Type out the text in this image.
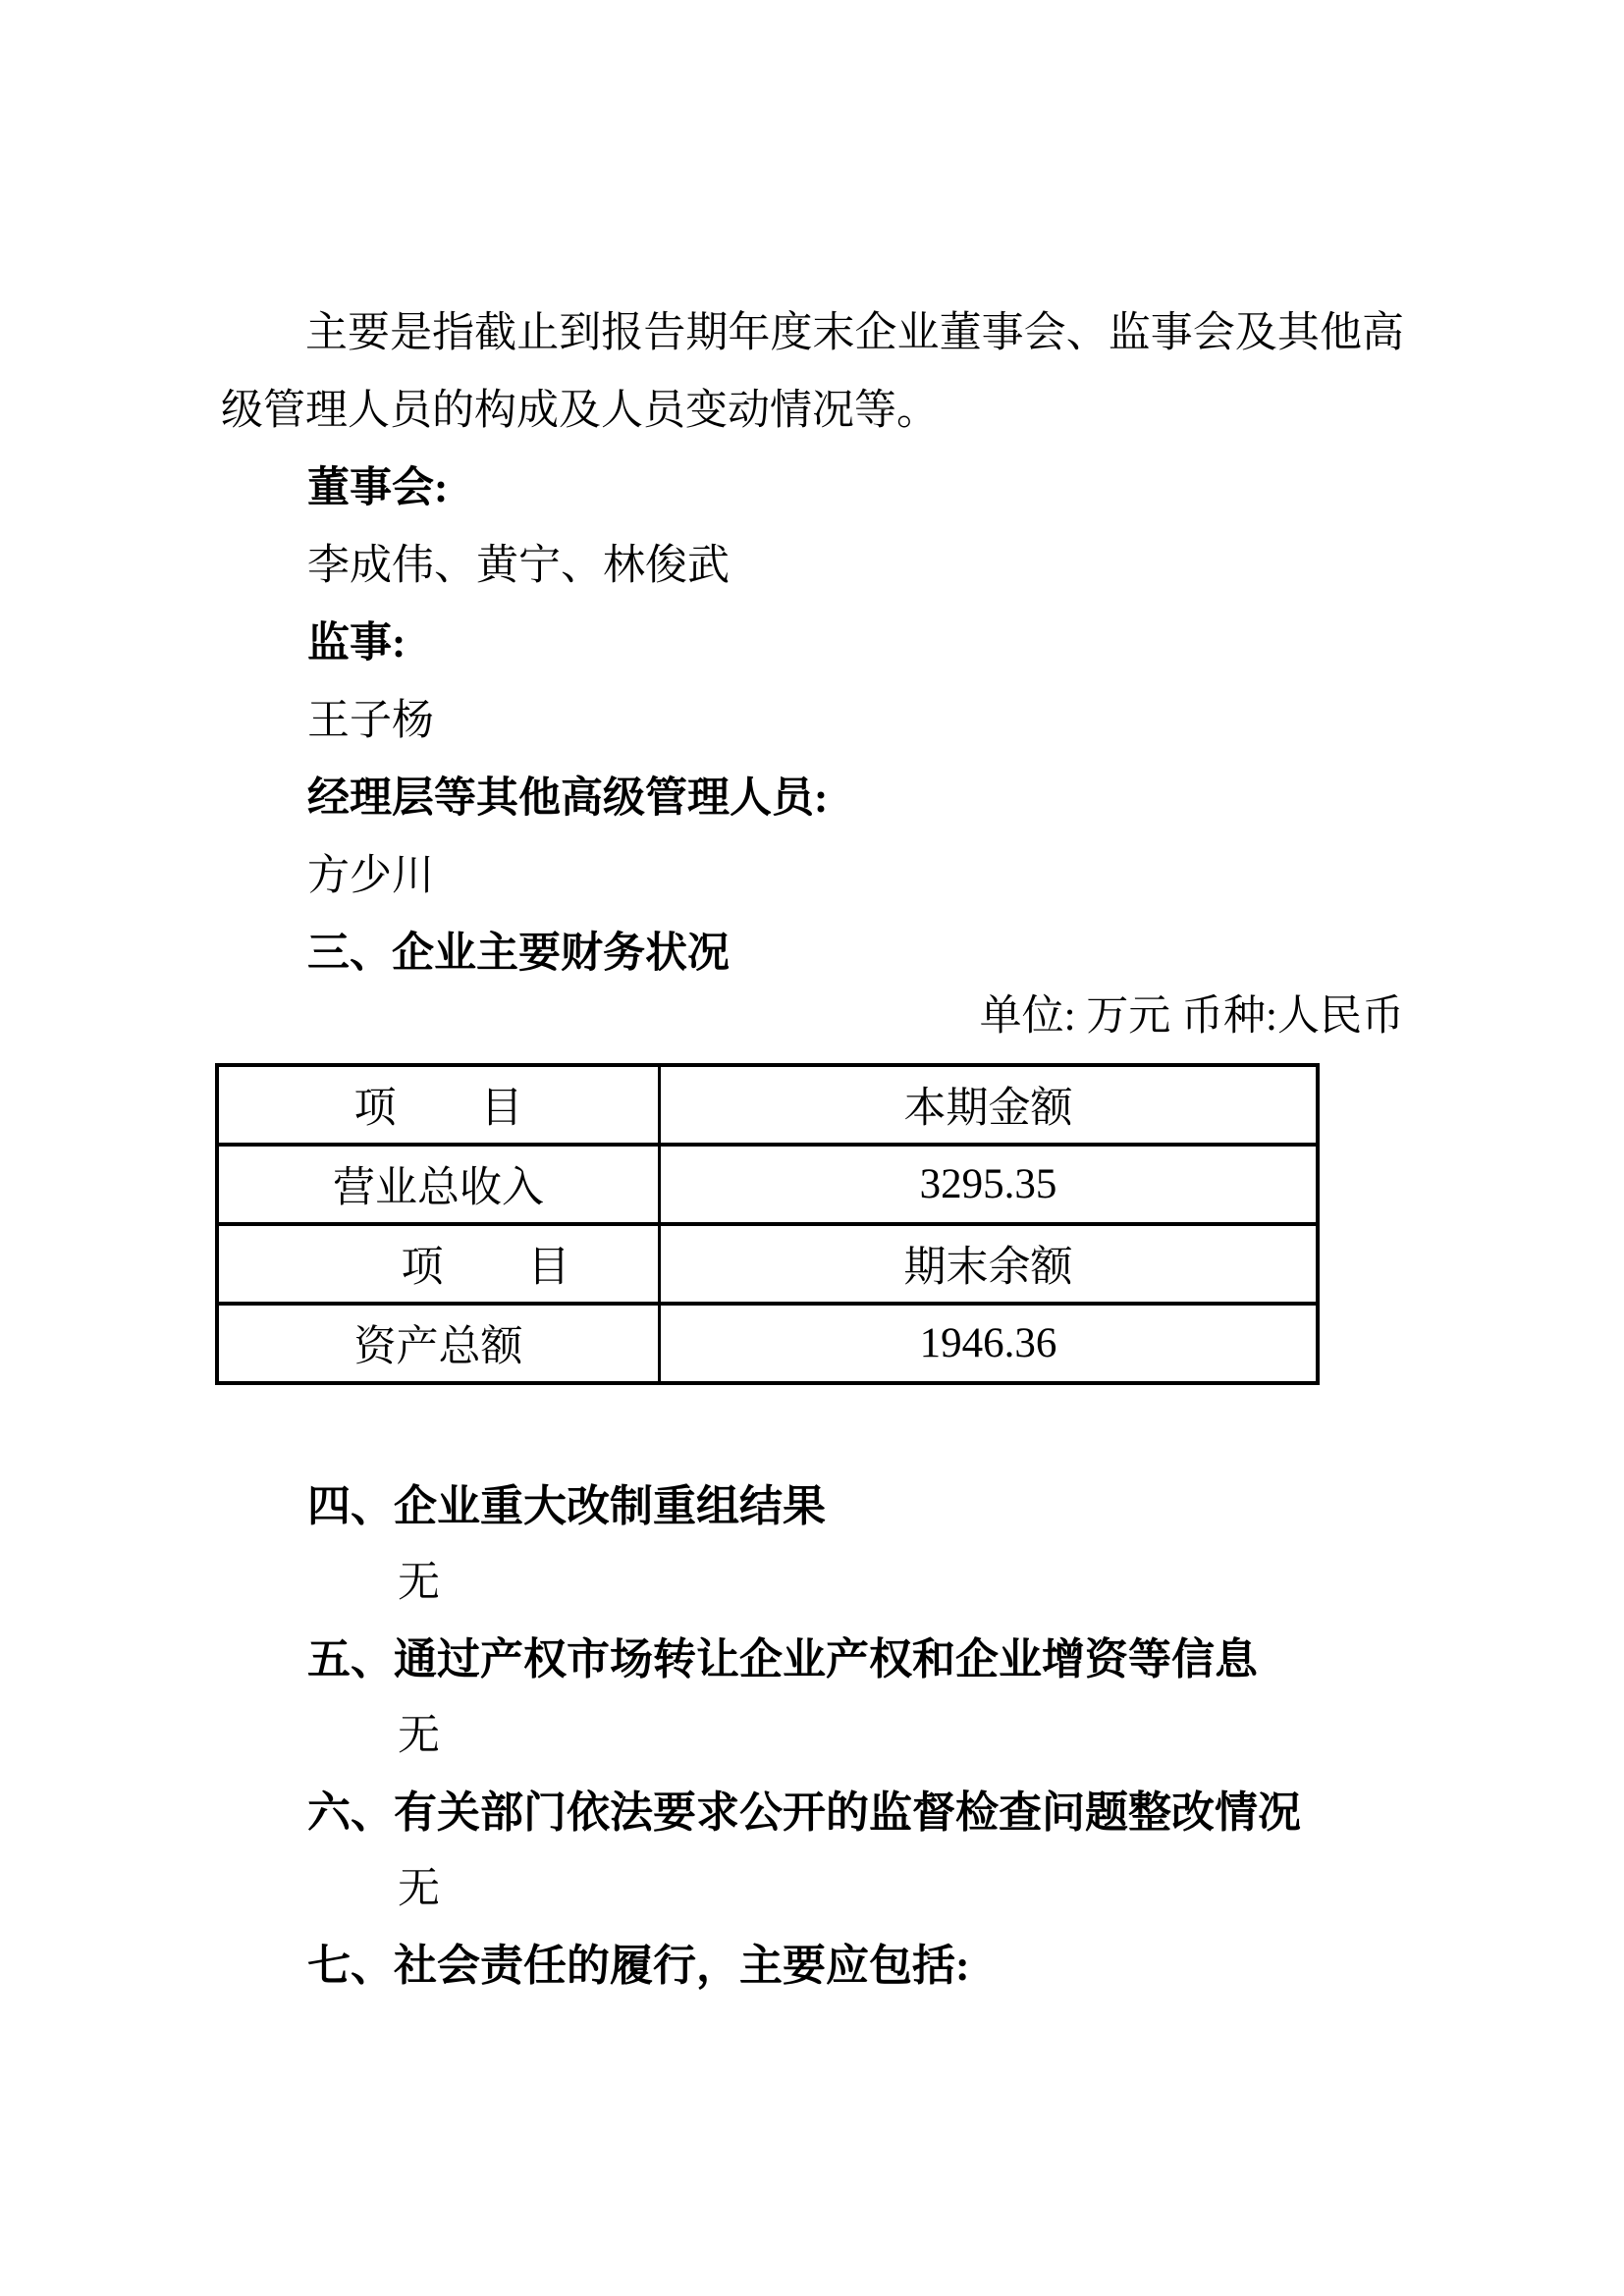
主要是指截止到报告期年度末企业董事会、监事会及其他高级管理人员的构成及人员变动情况等。

董事会:

李成伟、黄宁、林俊武

监事:

王子杨

经理层等其他高级管理人员:

方少川

三、企业主要财务状况

单位: 万元 币种:人民币

项　　目	本期金额
营业总收入	3295.35
项　　目	期末余额
资产总额	1946.36

四、企业重大改制重组结果

无

五、通过产权市场转让企业产权和企业增资等信息

无

六、有关部门依法要求公开的监督检查问题整改情况

无

七、社会责任的履行，主要应包括:
